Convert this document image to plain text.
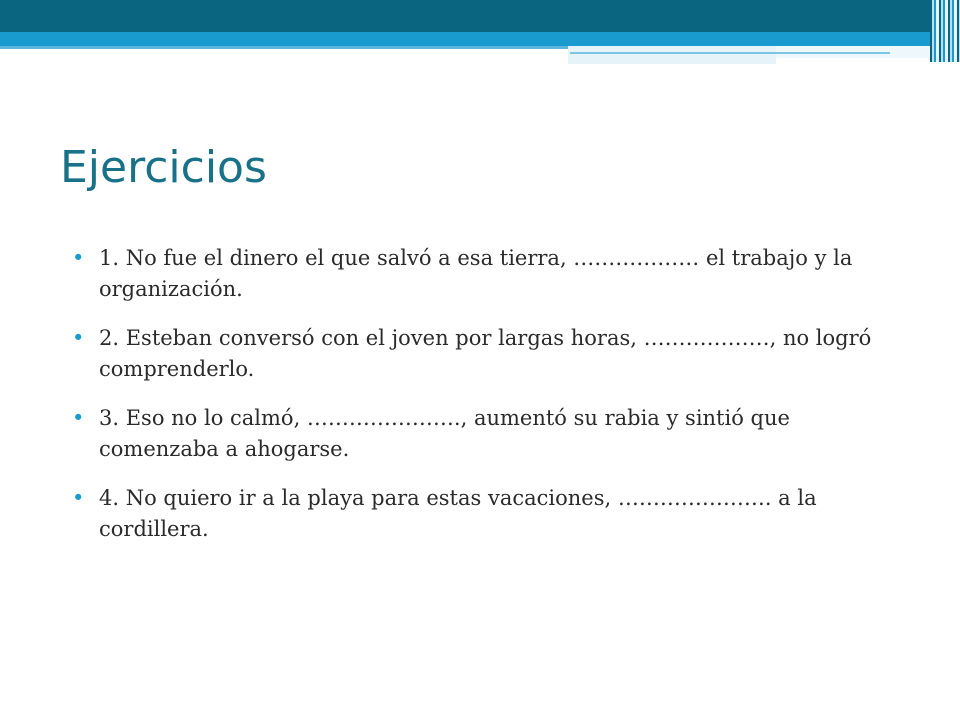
Ejercicios
• 1. No fue el dinero el que salvó a esa tierra, ……………… el trabajo y la organización.
• 2. Esteban conversó con el joven por largas horas, ………………, no logró comprenderlo.
• 3. Eso no lo calmó, …………………., aumentó su rabia y sintió que comenzaba a ahogarse.
• 4. No quiero ir a la playa para estas vacaciones, …………………. a la cordillera.
